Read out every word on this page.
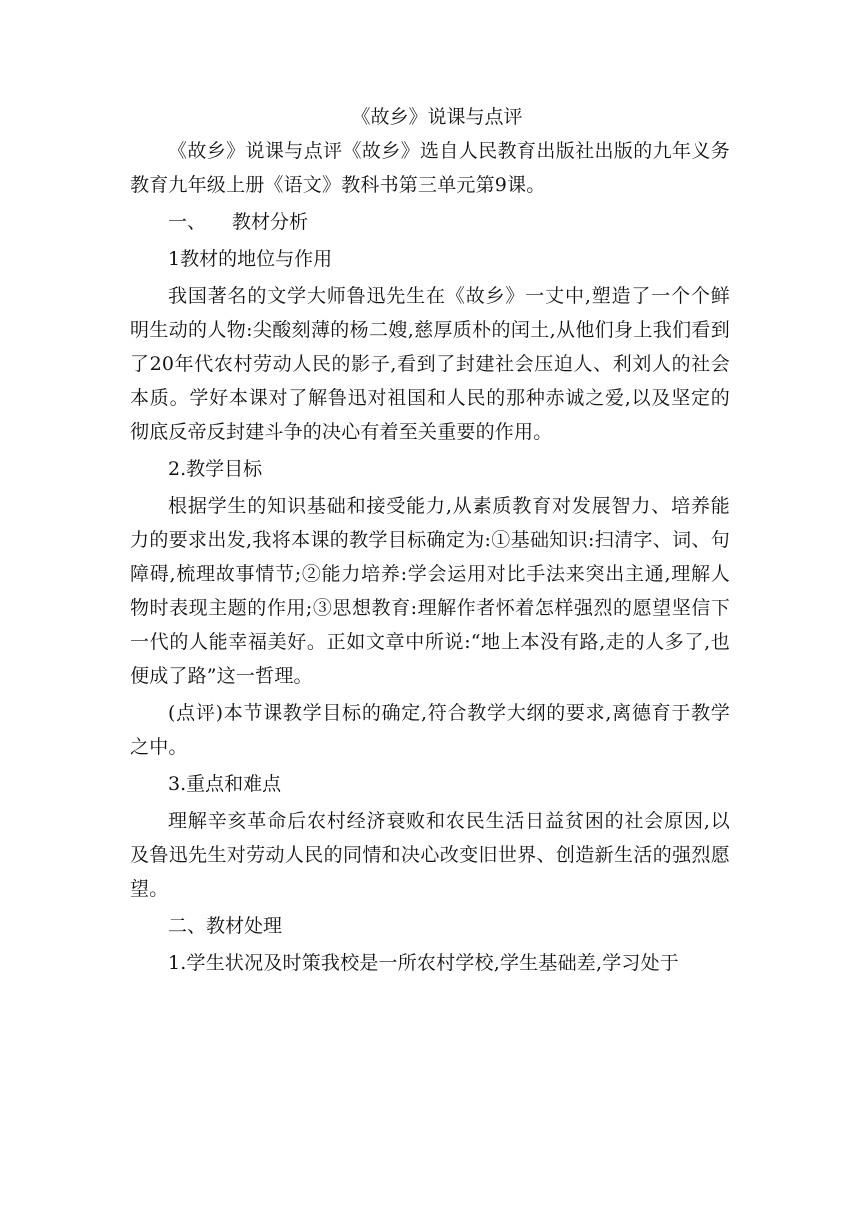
《故乡》说课与点评

《故乡》说课与点评《故乡》选自人民教育出版社出版的九年义务教育九年级上册《语文》教科书第三单元第9课。

一、 教材分析

1教材的地位与作用

我国著名的文学大师鲁迅先生在《故乡》一丈中,塑造了一个个鲜明生动的人物:尖酸刻薄的杨二嫂,慈厚质朴的闰土,从他们身上我们看到了20年代农村劳动人民的影子,看到了封建社会压迫人、利刘人的社会本质。学好本课对了解鲁迅对祖国和人民的那种赤诚之爱,以及坚定的彻底反帝反封建斗争的决心有着至关重要的作用。

2.教学目标

根据学生的知识基础和接受能力,从素质教育对发展智力、培养能力的要求出发,我将本课的教学目标确定为:①基础知识:扫清字、词、句障碍,梳理故事情节;②能力培养:学会运用对比手法来突出主通,理解人物时表现主题的作用;③思想教育:理解作者怀着怎样强烈的愿望坚信下一代的人能幸福美好。正如文章中所说:“地上本没有路,走的人多了,也便成了路”这一哲理。

(点评)本节课教学目标的确定,符合教学大纲的要求,离德育于教学之中。

3.重点和难点

理解辛亥革命后农村经济衰败和农民生活日益贫困的社会原因,以及鲁迅先生对劳动人民的同情和决心改变旧世界、创造新生活的强烈愿望。

二、教材处理

1.学生状况及时策我校是一所农村学校,学生基础差,学习处于
